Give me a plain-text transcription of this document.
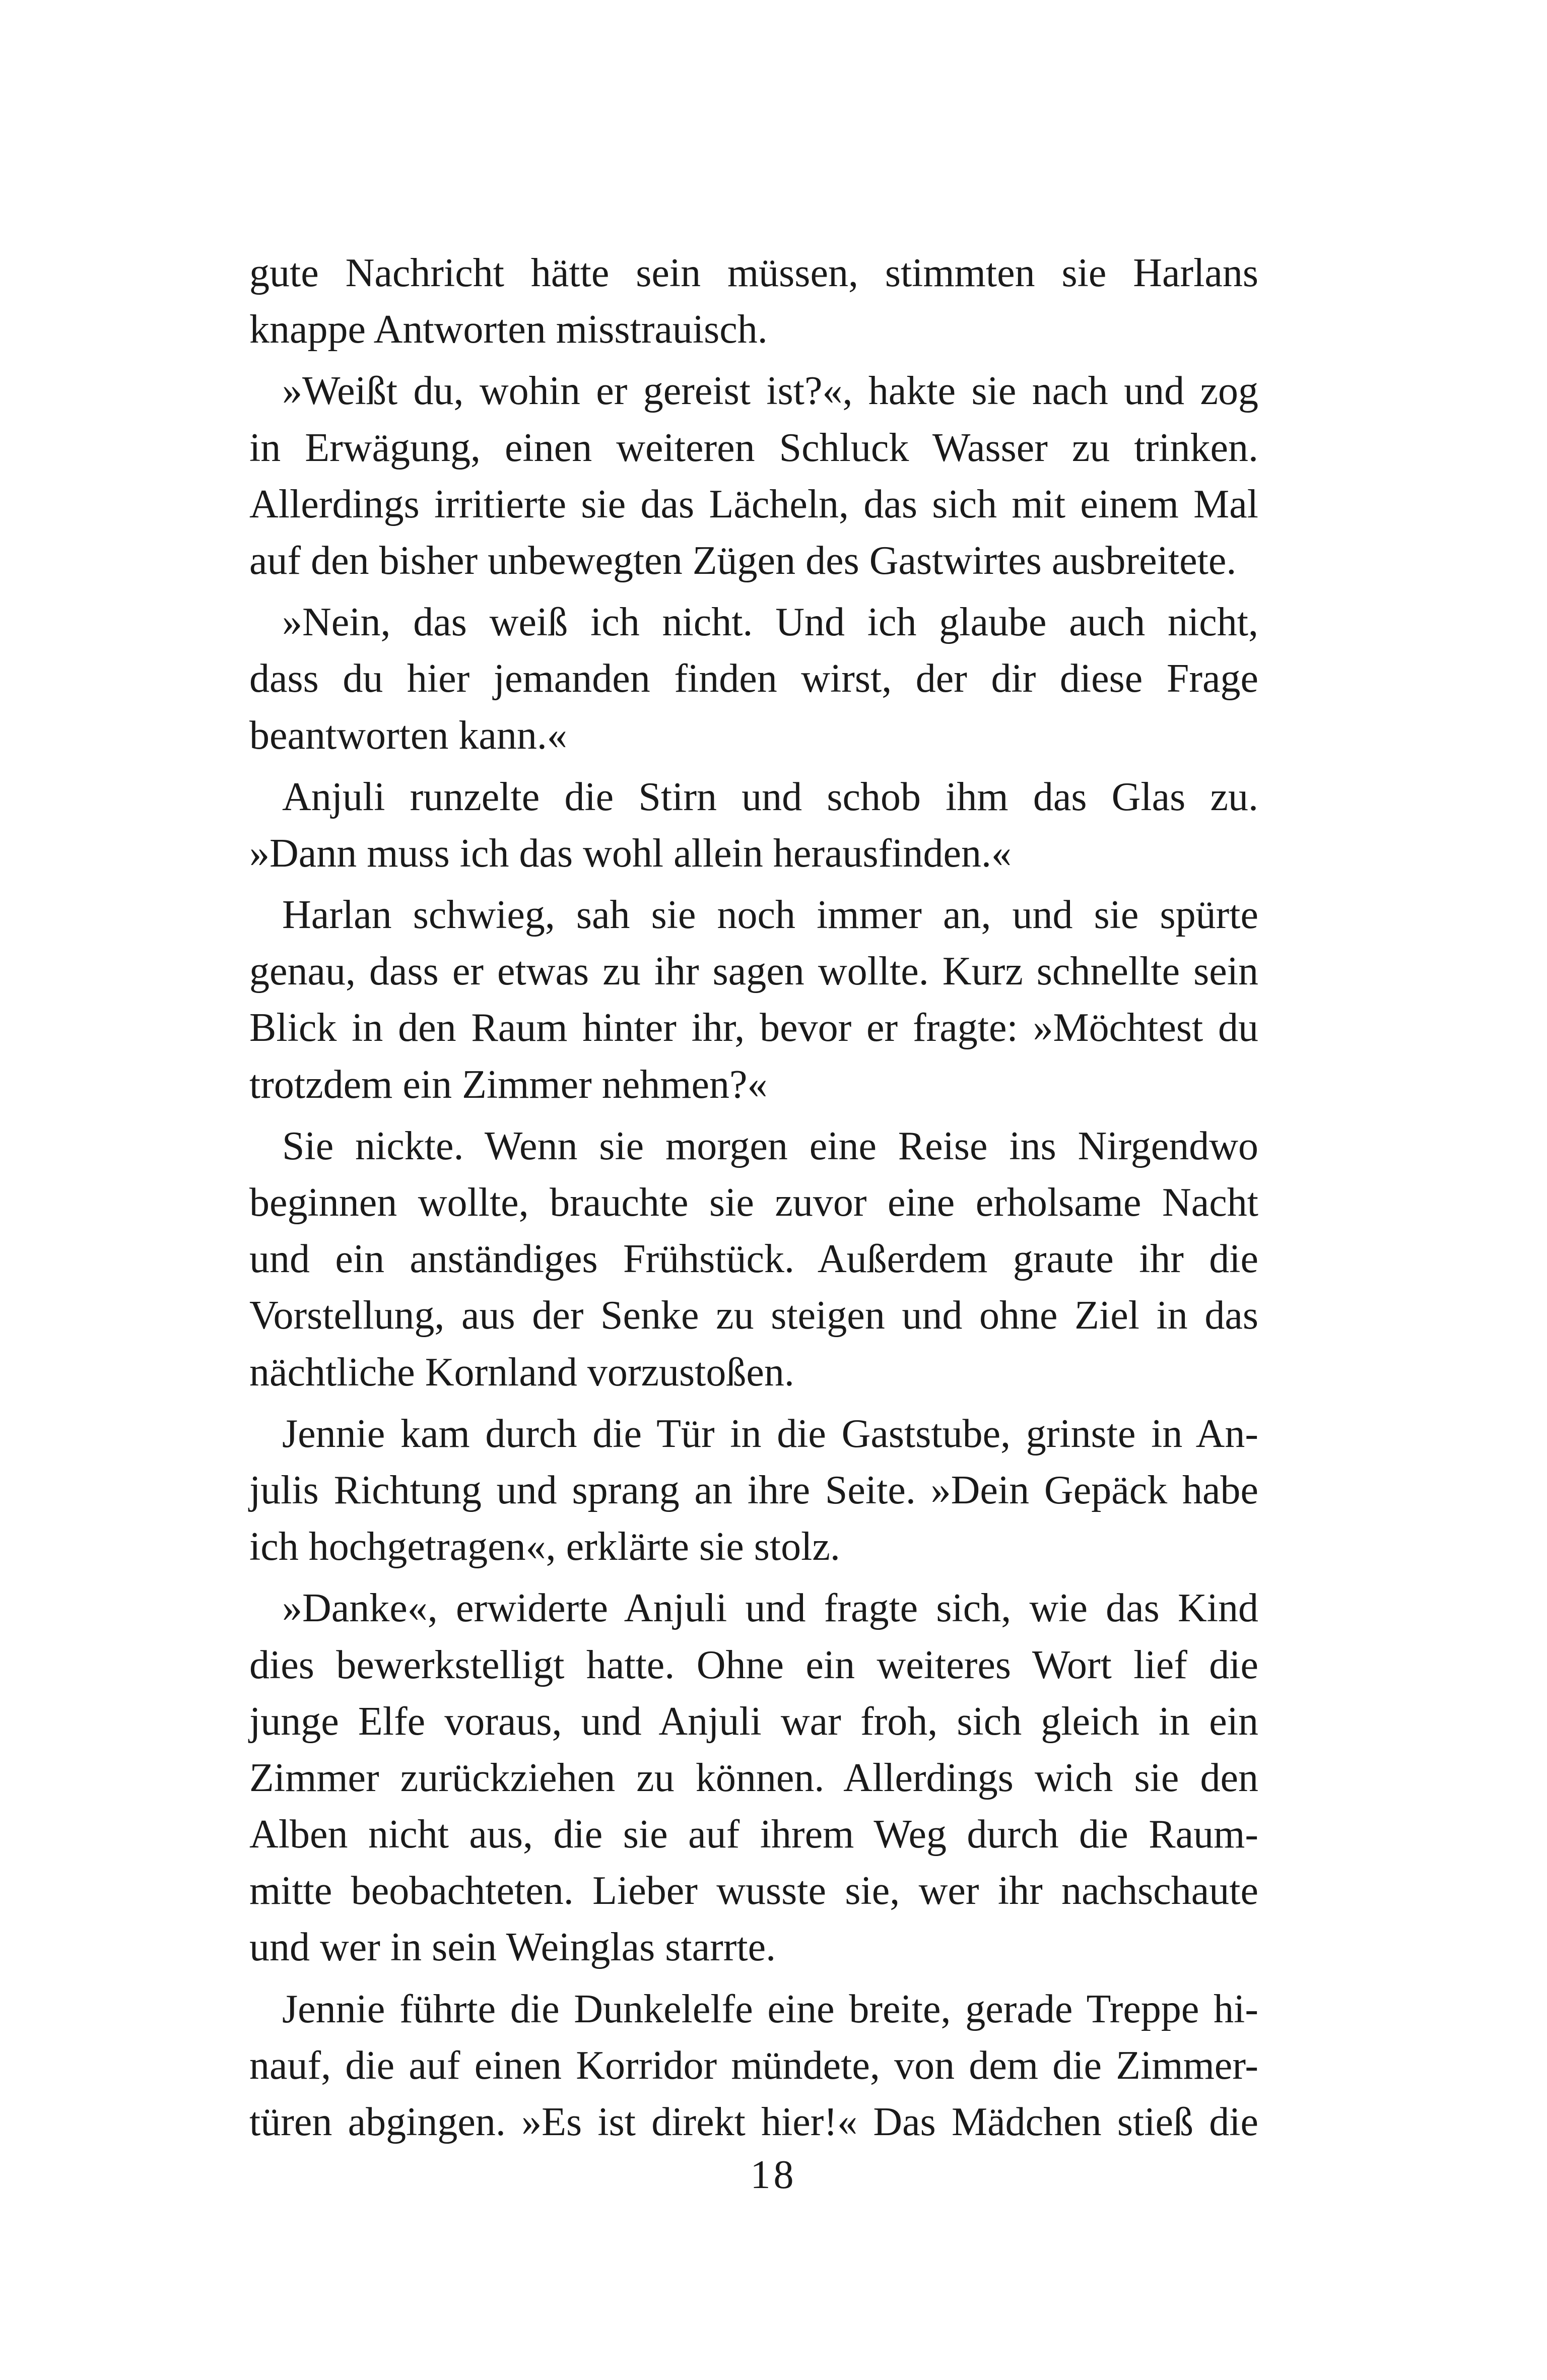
gute Nachricht hätte sein müssen, stimmten sie Harlans
knappe Antworten misstrauisch.
»Weißt du, wohin er gereist ist?«, hakte sie nach und zog
in Erwägung, einen weiteren Schluck Wasser zu trinken.
Allerdings irritierte sie das Lächeln, das sich mit einem Mal
auf den bisher unbewegten Zügen des Gastwirtes ausbreitete.
»Nein, das weiß ich nicht. Und ich glaube auch nicht,
dass du hier jemanden finden wirst, der dir diese Frage
beantworten kann.«
Anjuli runzelte die Stirn und schob ihm das Glas zu.
»Dann muss ich das wohl allein herausfinden.«
Harlan schwieg, sah sie noch immer an, und sie spürte
genau, dass er etwas zu ihr sagen wollte. Kurz schnellte sein
Blick in den Raum hinter ihr, bevor er fragte: »Möchtest du
trotzdem ein Zimmer nehmen?«
Sie nickte. Wenn sie morgen eine Reise ins Nirgendwo
beginnen wollte, brauchte sie zuvor eine erholsame Nacht
und ein anständiges Frühstück. Außerdem graute ihr die
Vorstellung, aus der Senke zu steigen und ohne Ziel in das
nächtliche Kornland vorzustoßen.
Jennie kam durch die Tür in die Gaststube, grinste in An-
julis Richtung und sprang an ihre Seite. »Dein Gepäck habe
ich hochgetragen«, erklärte sie stolz.
»Danke«, erwiderte Anjuli und fragte sich, wie das Kind
dies bewerkstelligt hatte. Ohne ein weiteres Wort lief die
junge Elfe voraus, und Anjuli war froh, sich gleich in ein
Zimmer zurückziehen zu können. Allerdings wich sie den
Alben nicht aus, die sie auf ihrem Weg durch die Raum-
mitte beobachteten. Lieber wusste sie, wer ihr nachschaute
und wer in sein Weinglas starrte.
Jennie führte die Dunkelelfe eine breite, gerade Treppe hi-
nauf, die auf einen Korridor mündete, von dem die Zimmer-
türen abgingen. »Es ist direkt hier!« Das Mädchen stieß die
18
